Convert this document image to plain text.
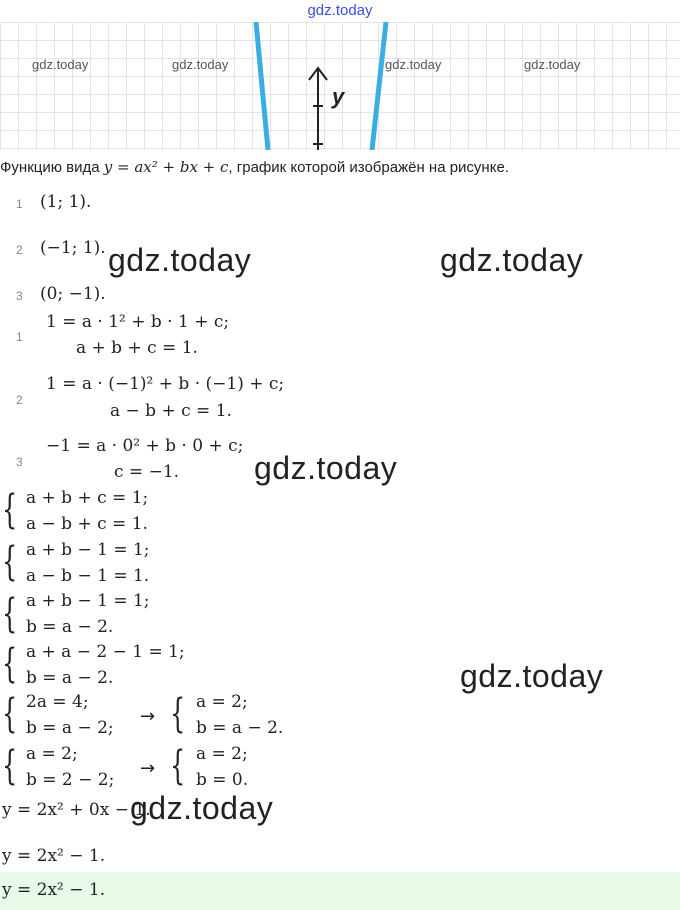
gdz.today
gdz.today	gdz.today	gdz.today	gdz.today
y
Функцию вида y = ax² + bx + c, график которой изображён на рисунке.
1 (1; 1).
2 (−1; 1).
3 (0; −1).
1
1 = a · 1² + b · 1 + c;
a + b + c = 1.
2
1 = a · (−1)² + b · (−1) + c;
a − b + c = 1.
3
−1 = a · 0² + b · 0 + c;
c = −1.
{ a + b + c = 1;
a − b + c = 1.
{ a + b − 1 = 1;
a − b − 1 = 1.
{ a + b − 1 = 1;
b = a − 2.
{ a + a − 2 − 1 = 1;
b = a − 2.
{ 2a = 4;
b = a − 2;
→ { a = 2;
b = a − 2.
{ a = 2;
b = 2 − 2;
→ { a = 2;
b = 0.
y = 2x² + 0x − 1.
y = 2x² − 1.
y = 2x² − 1.
gdz.today	gdz.today
gdz.today
gdz.today
gdz.today
